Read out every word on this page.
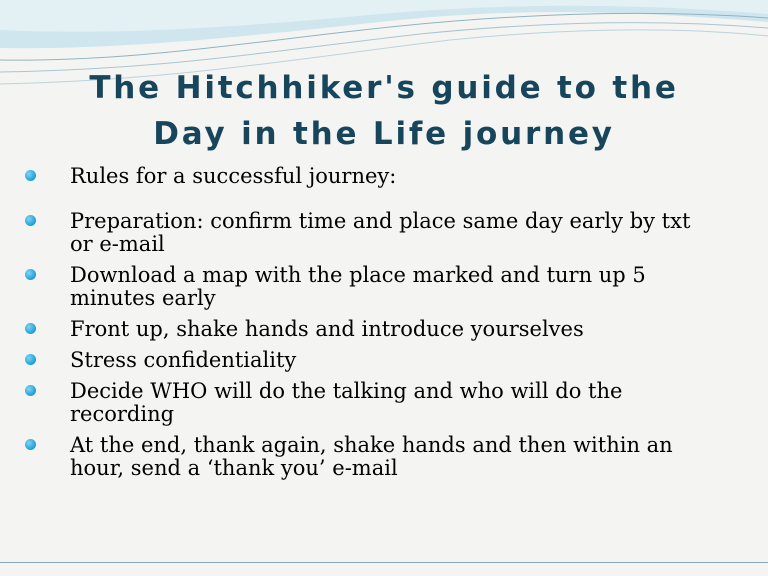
The Hitchhiker's guide to the
Day in the Life journey
Rules for a successful journey:
Preparation: confirm time and place same day early by txt
or e-mail
Download a map with the place marked and turn up 5
minutes early
Front up, shake hands and introduce yourselves
Stress confidentiality
Decide WHO will do the talking and who will do the
recording
At the end, thank again, shake hands and then within an
hour, send a ‘thank you’ e-mail
